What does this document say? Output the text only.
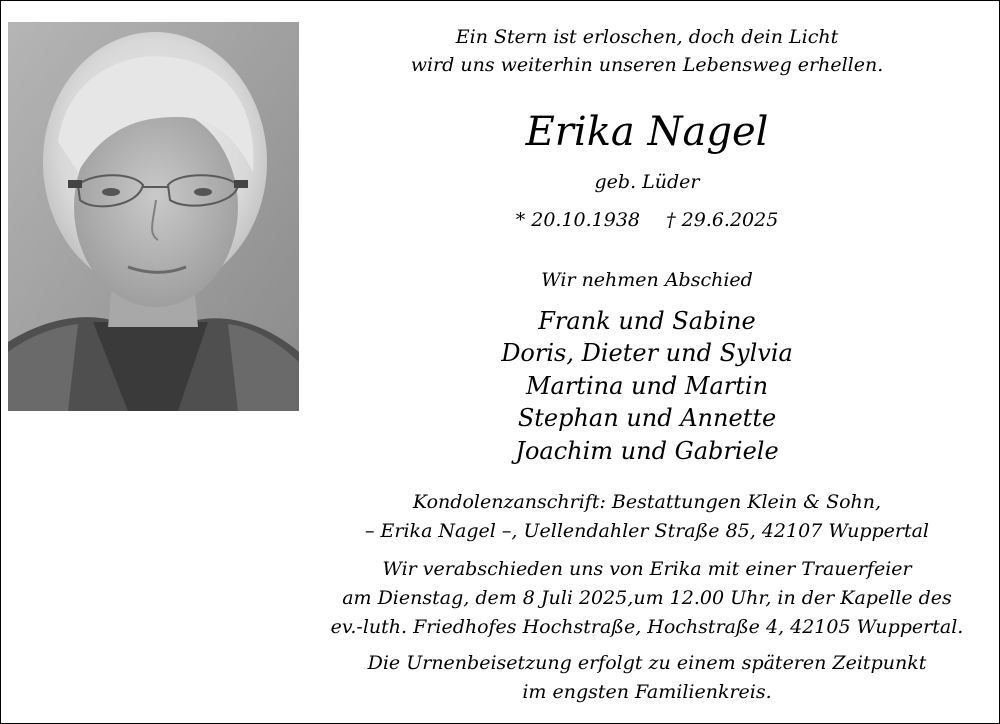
Ein Stern ist erloschen, doch dein Licht
wird uns weiterhin unseren Lebensweg erhellen.
Erika Nagel
geb. Lüder
* 20.10.1938 † 29.6.2025
Wir nehmen Abschied
Frank und Sabine
Doris, Dieter und Sylvia
Martina und Martin
Stephan und Annette
Joachim und Gabriele
Kondolenzanschrift: Bestattungen Klein & Sohn,
– Erika Nagel –, Uellendahler Straße 85, 42107 Wuppertal
Wir verabschieden uns von Erika mit einer Trauerfeier
am Dienstag, dem 8 Juli 2025,um 12.00 Uhr, in der Kapelle des
ev.-luth. Friedhofes Hochstraße, Hochstraße 4, 42105 Wuppertal.
Die Urnenbeisetzung erfolgt zu einem späteren Zeitpunkt
im engsten Familienkreis.
